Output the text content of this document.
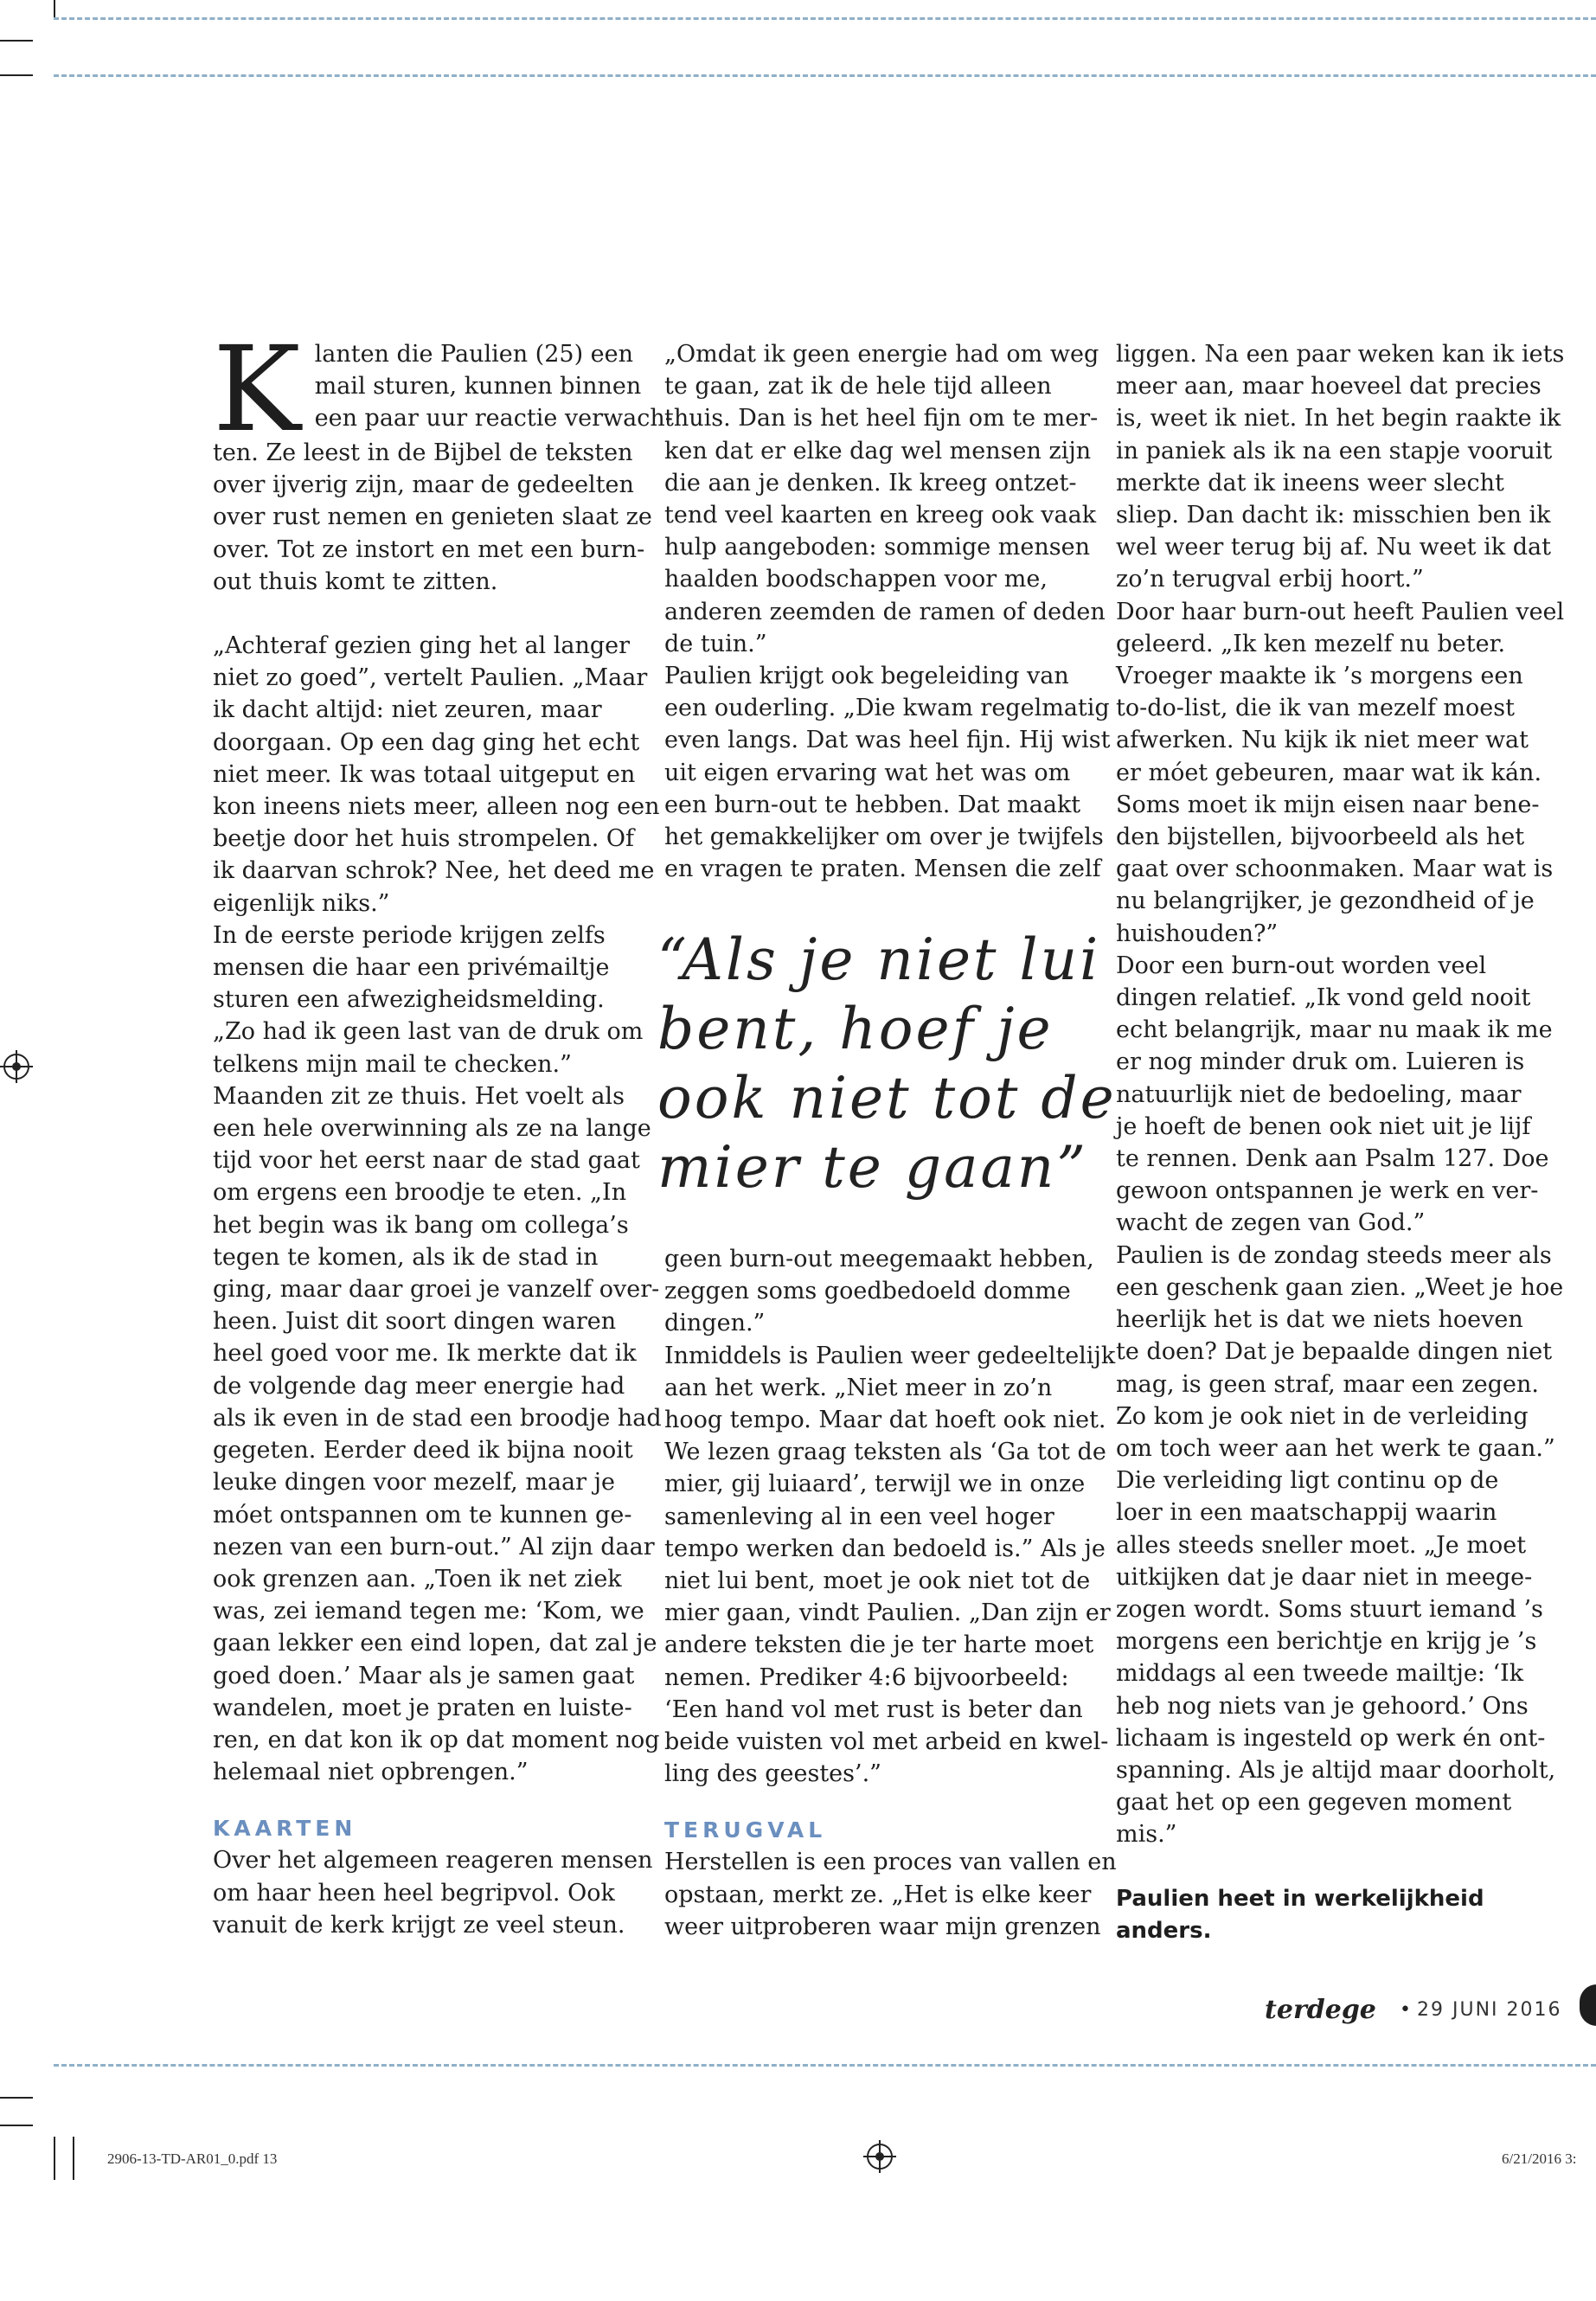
K lanten die Paulien (25) een

mail sturen, kunnen binnen

een paar uur reactie verwach-

ten. Ze leest in de Bijbel de teksten

over ijverig zijn, maar de gedeelten

over rust nemen en genieten slaat ze

over. Tot ze instort en met een burn-

out thuis komt te zitten.

„Achteraf gezien ging het al langer

niet zo goed”, vertelt Paulien. „Maar

ik dacht altijd: niet zeuren, maar

doorgaan. Op een dag ging het echt

niet meer. Ik was totaal uitgeput en

kon ineens niets meer, alleen nog een

beetje door het huis strompelen. Of

ik daarvan schrok? Nee, het deed me

eigenlijk niks.”

In de eerste periode krijgen zelfs

mensen die haar een privémailtje

sturen een afwezigheidsmelding.

„Zo had ik geen last van de druk om

telkens mijn mail te checken.”

Maanden zit ze thuis. Het voelt als

een hele overwinning als ze na lange

tijd voor het eerst naar de stad gaat

om ergens een broodje te eten. „In

het begin was ik bang om collega’s

tegen te komen, als ik de stad in

ging, maar daar groei je vanzelf over-

heen. Juist dit soort dingen waren

heel goed voor me. Ik merkte dat ik

de volgende dag meer energie had

als ik even in de stad een broodje had

gegeten. Eerder deed ik bijna nooit

leuke dingen voor mezelf, maar je

móet ontspannen om te kunnen ge-

nezen van een burn-out.” Al zijn daar

ook grenzen aan. „Toen ik net ziek

was, zei iemand tegen me: ‘Kom, we

gaan lekker een eind lopen, dat zal je

goed doen.’ Maar als je samen gaat

wandelen, moet je praten en luiste-

ren, en dat kon ik op dat moment nog

helemaal niet opbrengen.”

KAARTEN

Over het algemeen reageren mensen

om haar heen heel begripvol. Ook

vanuit de kerk krijgt ze veel steun.

„Omdat ik geen energie had om weg

te gaan, zat ik de hele tijd alleen

thuis. Dan is het heel fijn om te mer-

ken dat er elke dag wel mensen zijn

die aan je denken. Ik kreeg ontzet-

tend veel kaarten en kreeg ook vaak

hulp aangeboden: sommige mensen

haalden boodschappen voor me,

anderen zeemden de ramen of deden

de tuin.”

Paulien krijgt ook begeleiding van

een ouderling. „Die kwam regelmatig

even langs. Dat was heel fijn. Hij wist

uit eigen ervaring wat het was om

een burn-out te hebben. Dat maakt

het gemakkelijker om over je twijfels

en vragen te praten. Mensen die zelf

“Als je niet lui

bent, hoef je

ook niet tot de

mier te gaan”

geen burn-out meegemaakt hebben,

zeggen soms goedbedoeld domme

dingen.”

Inmiddels is Paulien weer gedeeltelijk

aan het werk. „Niet meer in zo’n

hoog tempo. Maar dat hoeft ook niet.

We lezen graag teksten als ‘Ga tot de

mier, gij luiaard’, terwijl we in onze

samenleving al in een veel hoger

tempo werken dan bedoeld is.” Als je

niet lui bent, moet je ook niet tot de

mier gaan, vindt Paulien. „Dan zijn er

andere teksten die je ter harte moet

nemen. Prediker 4:6 bijvoorbeeld:

‘Een hand vol met rust is beter dan

beide vuisten vol met arbeid en kwel-

ling des geestes’.”

TERUGVAL

Herstellen is een proces van vallen en

opstaan, merkt ze. „Het is elke keer

weer uitproberen waar mijn grenzen

liggen. Na een paar weken kan ik iets

meer aan, maar hoeveel dat precies

is, weet ik niet. In het begin raakte ik

in paniek als ik na een stapje vooruit

merkte dat ik ineens weer slecht

sliep. Dan dacht ik: misschien ben ik

wel weer terug bij af. Nu weet ik dat

zo’n terugval erbij hoort.”

Door haar burn-out heeft Paulien veel

geleerd. „Ik ken mezelf nu beter.

Vroeger maakte ik ’s morgens een

to-do-list, die ik van mezelf moest

afwerken. Nu kijk ik niet meer wat

er móet gebeuren, maar wat ik kán.

Soms moet ik mijn eisen naar bene-

den bijstellen, bijvoorbeeld als het

gaat over schoonmaken. Maar wat is

nu belangrijker, je gezondheid of je

huishouden?”

Door een burn-out worden veel

dingen relatief. „Ik vond geld nooit

echt belangrijk, maar nu maak ik me

er nog minder druk om. Luieren is

natuurlijk niet de bedoeling, maar

je hoeft de benen ook niet uit je lijf

te rennen. Denk aan Psalm 127. Doe

gewoon ontspannen je werk en ver-

wacht de zegen van God.”

Paulien is de zondag steeds meer als

een geschenk gaan zien. „Weet je hoe

heerlijk het is dat we niets hoeven

te doen? Dat je bepaalde dingen niet

mag, is geen straf, maar een zegen.

Zo kom je ook niet in de verleiding

om toch weer aan het werk te gaan.”

Die verleiding ligt continu op de

loer in een maatschappij waarin

alles steeds sneller moet. „Je moet

uitkijken dat je daar niet in meege-

zogen wordt. Soms stuurt iemand ’s

morgens een berichtje en krijg je ’s

middags al een tweede mailtje: ‘Ik

heb nog niets van je gehoord.’ Ons

lichaam is ingesteld op werk én ont-

spanning. Als je altijd maar doorholt,

gaat het op een gegeven moment

mis.”

Paulien heet in werkelijkheid

anders.

terdege • 29 JUNI 2016
2906-13-TD-AR01_0.pdf 13	6/21/2016 3:
